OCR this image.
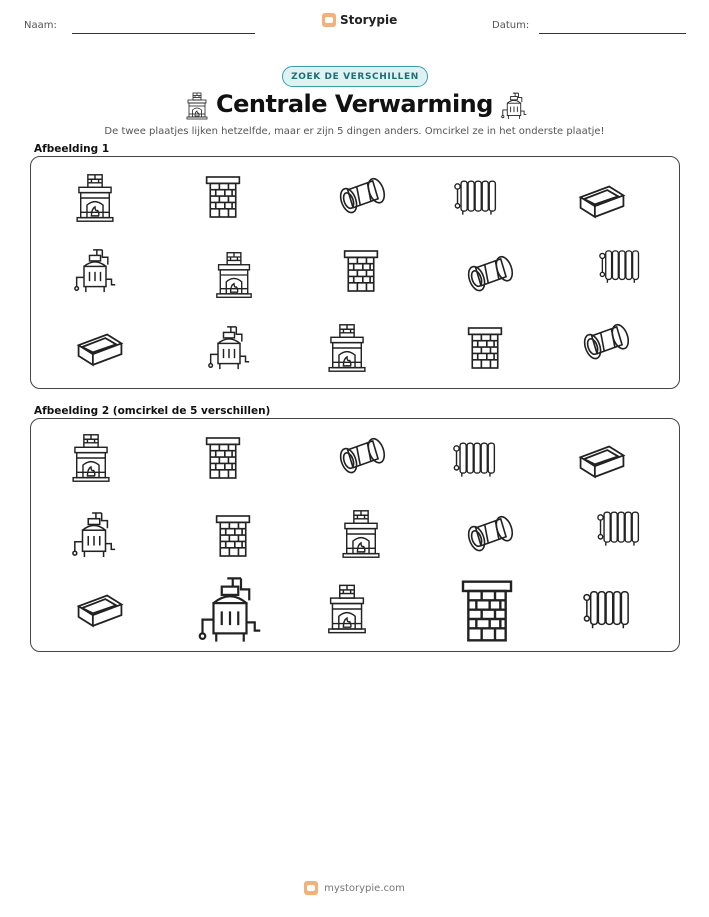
Naam:	Storypie	Datum:
ZOEK DE VERSCHILLEN
Centrale Verwarming
De twee plaatjes lijken hetzelfde, maar er zijn 5 dingen anders. Omcirkel ze in het onderste plaatje!
Afbeelding 1
Afbeelding 2 (omcirkel de 5 verschillen)
mystorypie.com
